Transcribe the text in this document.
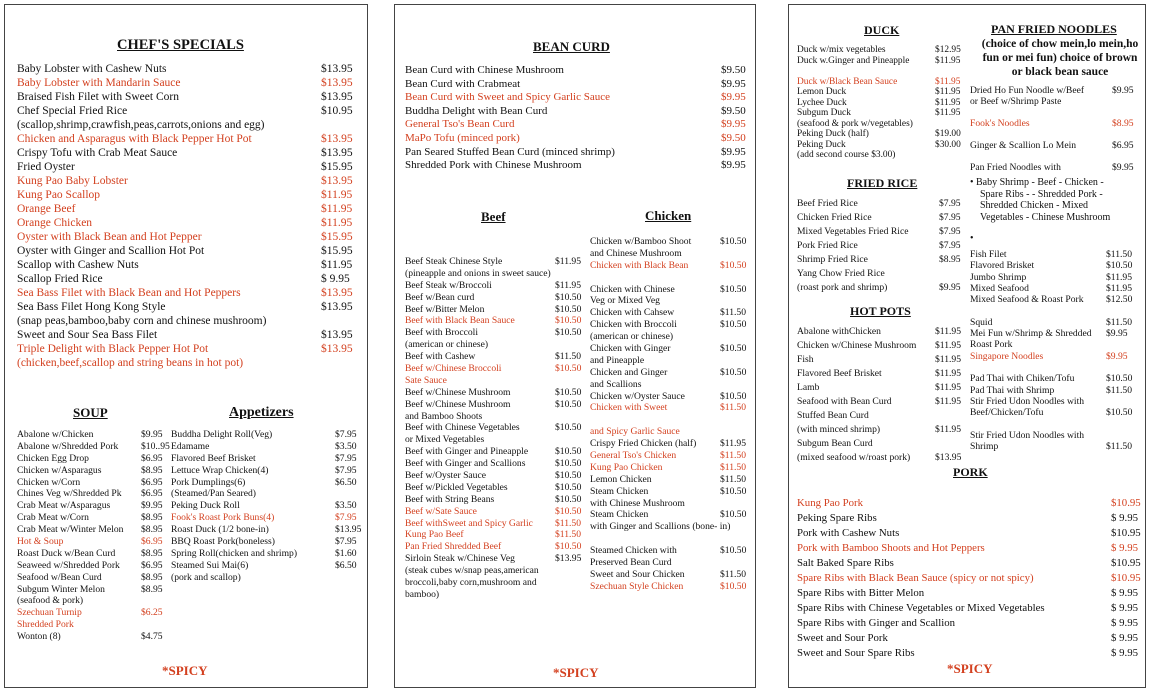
CHEF'S SPECIALS
Baby Lobster with Cashew Nuts	$13.95
Baby Lobster with Mandarin Sauce	$13.95
Braised Fish Filet with Sweet Corn	$13.95
Chef Special Fried Rice	$10.95
(scallop,shrimp,crawfish,peas,carrots,onions and egg)
Chicken and Asparagus with Black Pepper Hot Pot	$13.95
Crispy Tofu with Crab Meat Sauce	$13.95
Fried Oyster	$15.95
Kung Pao Baby Lobster	$13.95
Kung Pao Scallop	$11.95
Orange Beef	$11.95
Orange Chicken	$11.95
Oyster with Black Bean and Hot Pepper	$15.95
Oyster with Ginger and Scallion Hot Pot	$15.95
Scallop with Cashew Nuts	$11.95
Scallop Fried Rice	$ 9.95
Sea Bass Filet with Black Bean and Hot Peppers	$13.95
Sea Bass Filet Hong Kong Style	$13.95
(snap peas,bamboo,baby corn and chinese mushroom)
Sweet and Sour Sea Bass Filet	$13.95
Triple Delight with Black Pepper Hot Pot	$13.95
(chicken,beef,scallop and string beans in hot pot)
SOUP	Appetizers
Abalone w/Chicken	$9.95
Abalone w/Shredded Pork $10..95
Chicken Egg Drop	$6.95
Chicken w/Asparagus	$8.95
Chicken w/Corn	$6.95
Chines Veg w/Shredded Pk $6.95
Crab Meat w/Asparagus	$9.95
Crab Meat w/Corn	$8.95
Crab Meat w/Winter Melon $8.95
Hot & Soup	$6.95
Roast Duck w/Bean Curd	$8.95
Seaweed w/Shredded Pork $6.95
Seafood w/Bean Curd	$8.95
Subgum Winter Melon	$8.95
(seafood & pork)
Szechuan Turnip	$6.25
Shredded Pork
Wonton (8)	$4.75
Buddha Delight Roll(Veg)	$7.95
Edamame	$3.50
Flavored Beef Brisket	$7.95
Lettuce Wrap Chicken(4)	$7.95
Pork Dumplings(6)	$6.50
(Steamed/Pan Seared)
Peking Duck Roll	$3.50
Fook's Roast Pork Buns(4)	$7.95
Roast Duck (1/2 bone-in)	$13.95
BBQ Roast Pork(boneless)	$7.95
Spring Roll(chicken and shrimp)	$1.60
Steamed Sui Mai(6)	$6.50
(pork and scallop)
*SPICY
BEAN CURD
Bean Curd with Chinese Mushroom	$9.50
Bean Curd with Crabmeat	$9.95
Bean Curd with Sweet and Spicy Garlic Sauce	$9.95
Buddha Delight with Bean Curd	$9.50
General Tso's Bean Curd	$9.95
MaPo Tofu (minced pork)	$9.50
Pan Seared Stuffed Bean Curd (minced shrimp)	$9.95
Shredded Pork with Chinese Mushroom	$9.95
Beef	Chicken
Beef Steak Chinese Style	$11.95
(pineapple and onions in sweet sauce)
Beef Steak w/Broccoli	$11.95
Beef w/Bean curd	$10.50
Beef w/Bitter Melon	$10.50
Beef with Black Bean Sauce	$10.50
Beef with Broccoli	$10.50
(american or chinese)
Beef with Cashew	$11.50
Beef w/Chinese Broccoli	$10.50
Sate Sauce
Beef w/Chinese Mushroom	$10.50
Beef w/Chinese Mushroom	$10.50
and Bamboo Shoots
Beef with Chinese Vegetables	$10.50
or Mixed Vegetables
Beef with Ginger and Pineapple	$10.50
Beef with Ginger and Scallions	$10.50
Beef w/Oyster Sauce	$10.50
Beef w/Pickled Vegetables	$10.50
Beef with String Beans	$10.50
Beef w/Sate Sauce	$10.50
Beef withSweet and Spicy Garlic $11.50
Kung Pao Beef	$11.50
Pan Fried Shredded Beef	$10.50
Sirloin Steak w/Chinese Veg	$13.95
(steak cubes w/snap peas,american
broccoli,baby corn,mushroom and
bamboo)
Chicken w/Bamboo Shoot	$10.50
and Chinese Mushroom
Chicken with Black Bean	$10.50
Chicken with Chinese	$10.50
Veg or Mixed Veg
Chicken with Cahsew	$11.50
Chicken with Broccoli	$10.50
(american or chinese)
Chicken with Ginger	$10.50
and Pineapple
Chicken and Ginger	$10.50
and Scallions
Chicken w/Oyster Sauce	$10.50
Chicken with Sweet	$11.50
and Spicy Garlic Sauce
Crispy Fried Chicken (half) $11.95
General Tso's Chicken	$11.50
Kung Pao Chicken	$11.50
Lemon Chicken	$11.50
Steam Chicken	$10.50
with Chinese Mushroom
Steam Chicken	$10.50
with Ginger and Scallions (bone- in)
Steamed Chicken with	$10.50
Preserved Bean Curd
Sweet and Sour Chicken	$11.50
Szechuan Style Chicken	$10.50
*SPICY
DUCK
Duck w/mix vegetables	$12.95
Duck w.Ginger and Pineapple	$11.95
Duck w/Black Bean Sauce	$11.95
Lemon Duck	$11.95
Lychee Duck	$11.95
Subgum Duck	$11.95
(seafood & pork w/vegetables)
Peking Duck (half)	$19.00
Peking Duck	$30.00
(add second course $3.00)
FRIED RICE
Beef Fried Rice	$7.95
Chicken Fried Rice	$7.95
Mixed Vegetables Fried Rice	$7.95
Pork Fried Rice	$7.95
Shrimp Fried Rice	$8.95
Yang Chow Fried Rice
(roast pork and shrimp)	$9.95
HOT POTS
Abalone withChicken	$11.95
Chicken w/Chinese Mushroom $11.95
Fish	$11.95
Flavored Beef Brisket	$11.95
Lamb	$11.95
Seafood with Bean Curd	$11.95
Stuffed Bean Curd
(with minced shrimp)	$11.95
Subgum Bean Curd
(mixed seafood w/roast pork)	$13.95
PAN FRIED NOODLES
(choice of chow mein,lo mein,ho
fun or mei fun) choice of brown
or black bean sauce
Dried Ho Fun Noodle w/Beef	$9.95
or Beef w/Shrimp Paste
Fook's Noodles	$8.95
Ginger & Scallion Lo Mein	$6.95
Pan Fried Noodles with	$9.95
• Baby Shrimp - Beef - Chicken -
Spare Ribs - - Shredded Pork -
Shredded Chicken - Mixed
Vegetables - Chinese Mushroom
•
Fish Filet	$11.50
Flavored Brisket	$10.50
Jumbo Shrimp	$11.95
Mixed Seafood	$11.95
Mixed Seafood & Roast Pork $12.50
Squid	$11.50
Mei Fun w/Shrimp & Shredded $9.95
Roast Pork
Singapore Noodles	$9.95
Pad Thai with Chiken/Tofu	$10.50
Pad Thai with Shrimp	$11.50
Stir Fried Udon Noodles with
Beef/Chicken/Tofu	$10.50
Stir Fried Udon Noodles with
Shrimp	$11.50
PORK
Kung Pao Pork	$10.95
Peking Spare Ribs	$ 9.95
Pork with Cashew Nuts	$10.95
Pork with Bamboo Shoots and Hot Peppers	$ 9.95
Salt Baked Spare Ribs	$10.95
Spare Ribs with Black Bean Sauce (spicy or not spicy)	$10.95
Spare Ribs with Bitter Melon	$ 9.95
Spare Ribs with Chinese Vegetables or Mixed Vegetables	$ 9.95
Spare Ribs with Ginger and Scallion	$ 9.95
Sweet and Sour Pork	$ 9.95
Sweet and Sour Spare Ribs	$ 9.95
*SPICY
